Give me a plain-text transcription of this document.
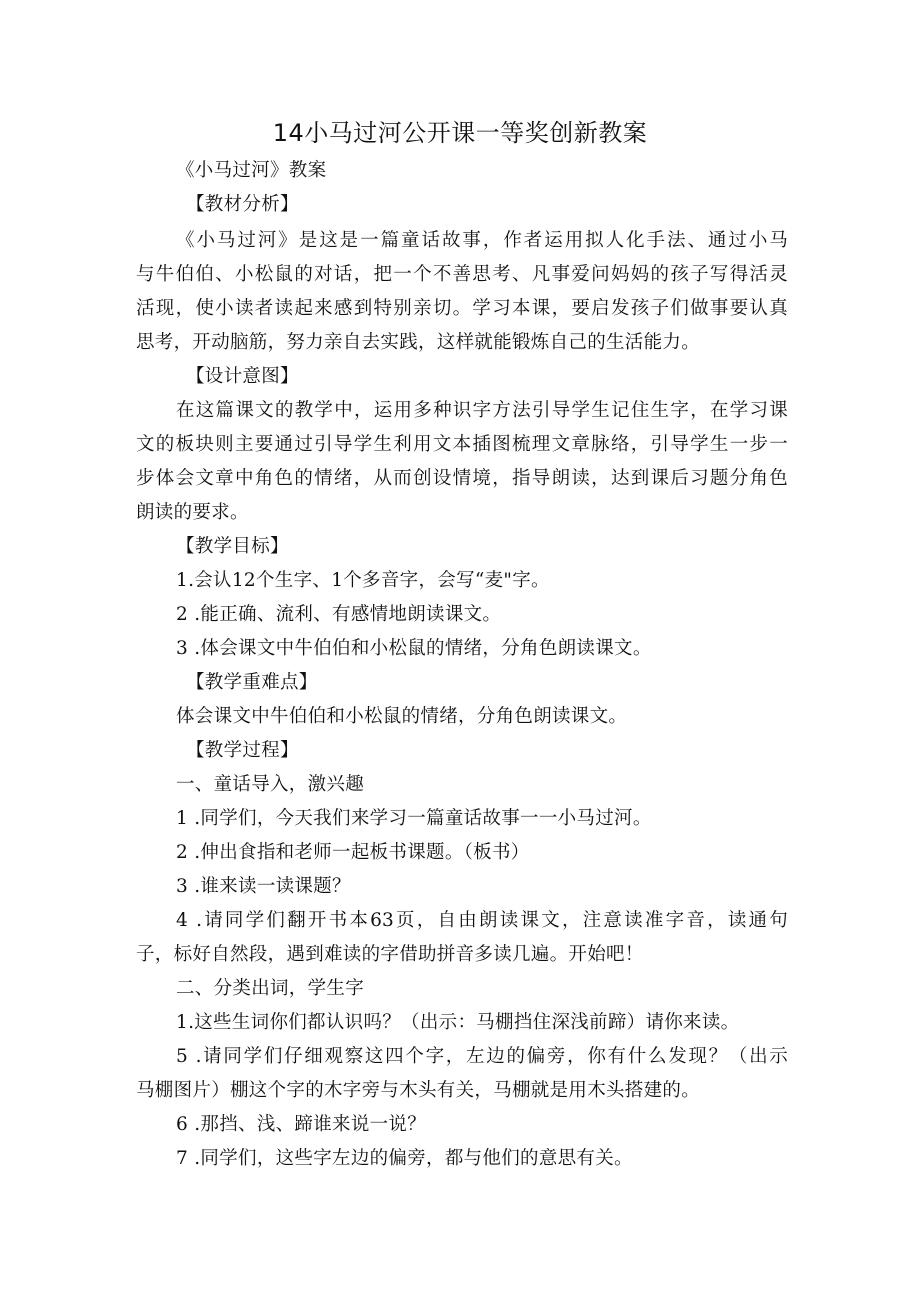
14小马过河公开课一等奖创新教案
《小马过河》教案
【教材分析】
《小马过河》是这是一篇童话故事，作者运用拟人化手法、通过小马
与牛伯伯、小松鼠的对话，把一个不善思考、凡事爱问妈妈的孩子写得活灵
活现，使小读者读起来感到特别亲切。学习本课，要启发孩子们做事要认真
思考，开动脑筋，努力亲自去实践，这样就能锻炼自己的生活能力。
【设计意图】
在这篇课文的教学中，运用多种识字方法引导学生记住生字，在学习课
文的板块则主要通过引导学生利用文本插图梳理文章脉络，引导学生一步一
步体会文章中角色的情绪，从而创设情境，指导朗读，达到课后习题分角色
朗读的要求。
【教学目标】
1.会认12个生字、1个多音字，会写“麦"字。
2 .能正确、流利、有感情地朗读课文。
3 .体会课文中牛伯伯和小松鼠的情绪，分角色朗读课文。
【教学重难点】
体会课文中牛伯伯和小松鼠的情绪，分角色朗读课文。
【教学过程】
一、童话导入，激兴趣
1 .同学们，今天我们来学习一篇童话故事一一小马过河。
2 .伸出食指和老师一起板书课题。（板书）
3 .谁来读一读课题？
4 .请同学们翻开书本63页，自由朗读课文，注意读准字音，读通句
子，标好自然段，遇到难读的字借助拼音多读几遍。开始吧！
二、分类出词，学生字
1.这些生词你们都认识吗？（出示：马棚挡住深浅前蹄）请你来读。
5 .请同学们仔细观察这四个字，左边的偏旁，你有什么发现？（出示
马棚图片）棚这个字的木字旁与木头有关，马棚就是用木头搭建的。
6 .那挡、浅、蹄谁来说一说？
7 .同学们，这些字左边的偏旁，都与他们的意思有关。
